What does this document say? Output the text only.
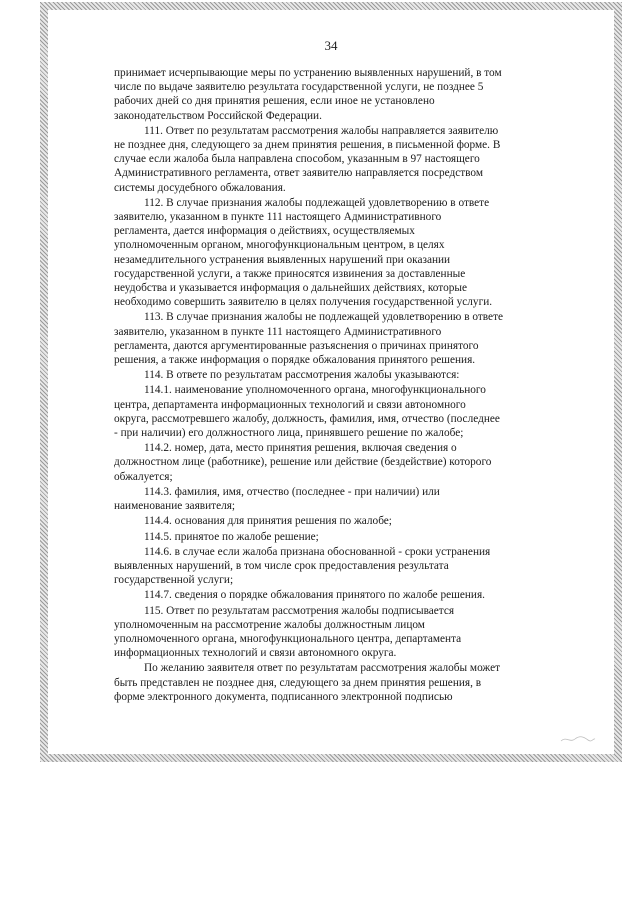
34

принимает исчерпывающие меры по устранению выявленных нарушений, в том
числе по выдаче заявителю результата государственной услуги, не позднее 5
рабочих дней со дня принятия решения, если иное не установлено
законодательством Российской Федерации.

111. Ответ по результатам рассмотрения жалобы направляется заявителю
не позднее дня, следующего за днем принятия решения, в письменной форме. В
случае если жалоба была направлена способом, указанным в 97 настоящего
Административного регламента, ответ заявителю направляется посредством
системы досудебного обжалования.

112. В случае признания жалобы подлежащей удовлетворению в ответе
заявителю, указанном в пункте 111 настоящего Административного
регламента, дается информация о действиях, осуществляемых
уполномоченным органом, многофункциональным центром, в целях
незамедлительного устранения выявленных нарушений при оказании
государственной услуги, а также приносятся извинения за доставленные
неудобства и указывается информация о дальнейших действиях, которые
необходимо совершить заявителю в целях получения государственной услуги.

113. В случае признания жалобы не подлежащей удовлетворению в ответе
заявителю, указанном в пункте 111 настоящего Административного
регламента, даются аргументированные разъяснения о причинах принятого
решения, а также информация о порядке обжалования принятого решения.

114. В ответе по результатам рассмотрения жалобы указываются:

114.1. наименование уполномоченного органа, многофункционального
центра, департамента информационных технологий и связи автономного
округа, рассмотревшего жалобу, должность, фамилия, имя, отчество (последнее
- при наличии) его должностного лица, принявшего решение по жалобе;

114.2. номер, дата, место принятия решения, включая сведения о
должностном лице (работнике), решение или действие (бездействие) которого
обжалуется;

114.3. фамилия, имя, отчество (последнее - при наличии) или
наименование заявителя;

114.4. основания для принятия решения по жалобе;

114.5. принятое по жалобе решение;

114.6. в случае если жалоба признана обоснованной - сроки устранения
выявленных нарушений, в том числе срок предоставления результата
государственной услуги;

114.7. сведения о порядке обжалования принятого по жалобе решения.

115. Ответ по результатам рассмотрения жалобы подписывается
уполномоченным на рассмотрение жалобы должностным лицом
уполномоченного органа, многофункционального центра, департамента
информационных технологий и связи автономного округа.

По желанию заявителя ответ по результатам рассмотрения жалобы может
быть представлен не позднее дня, следующего за днем принятия решения, в
форме электронного документа, подписанного электронной подписью
